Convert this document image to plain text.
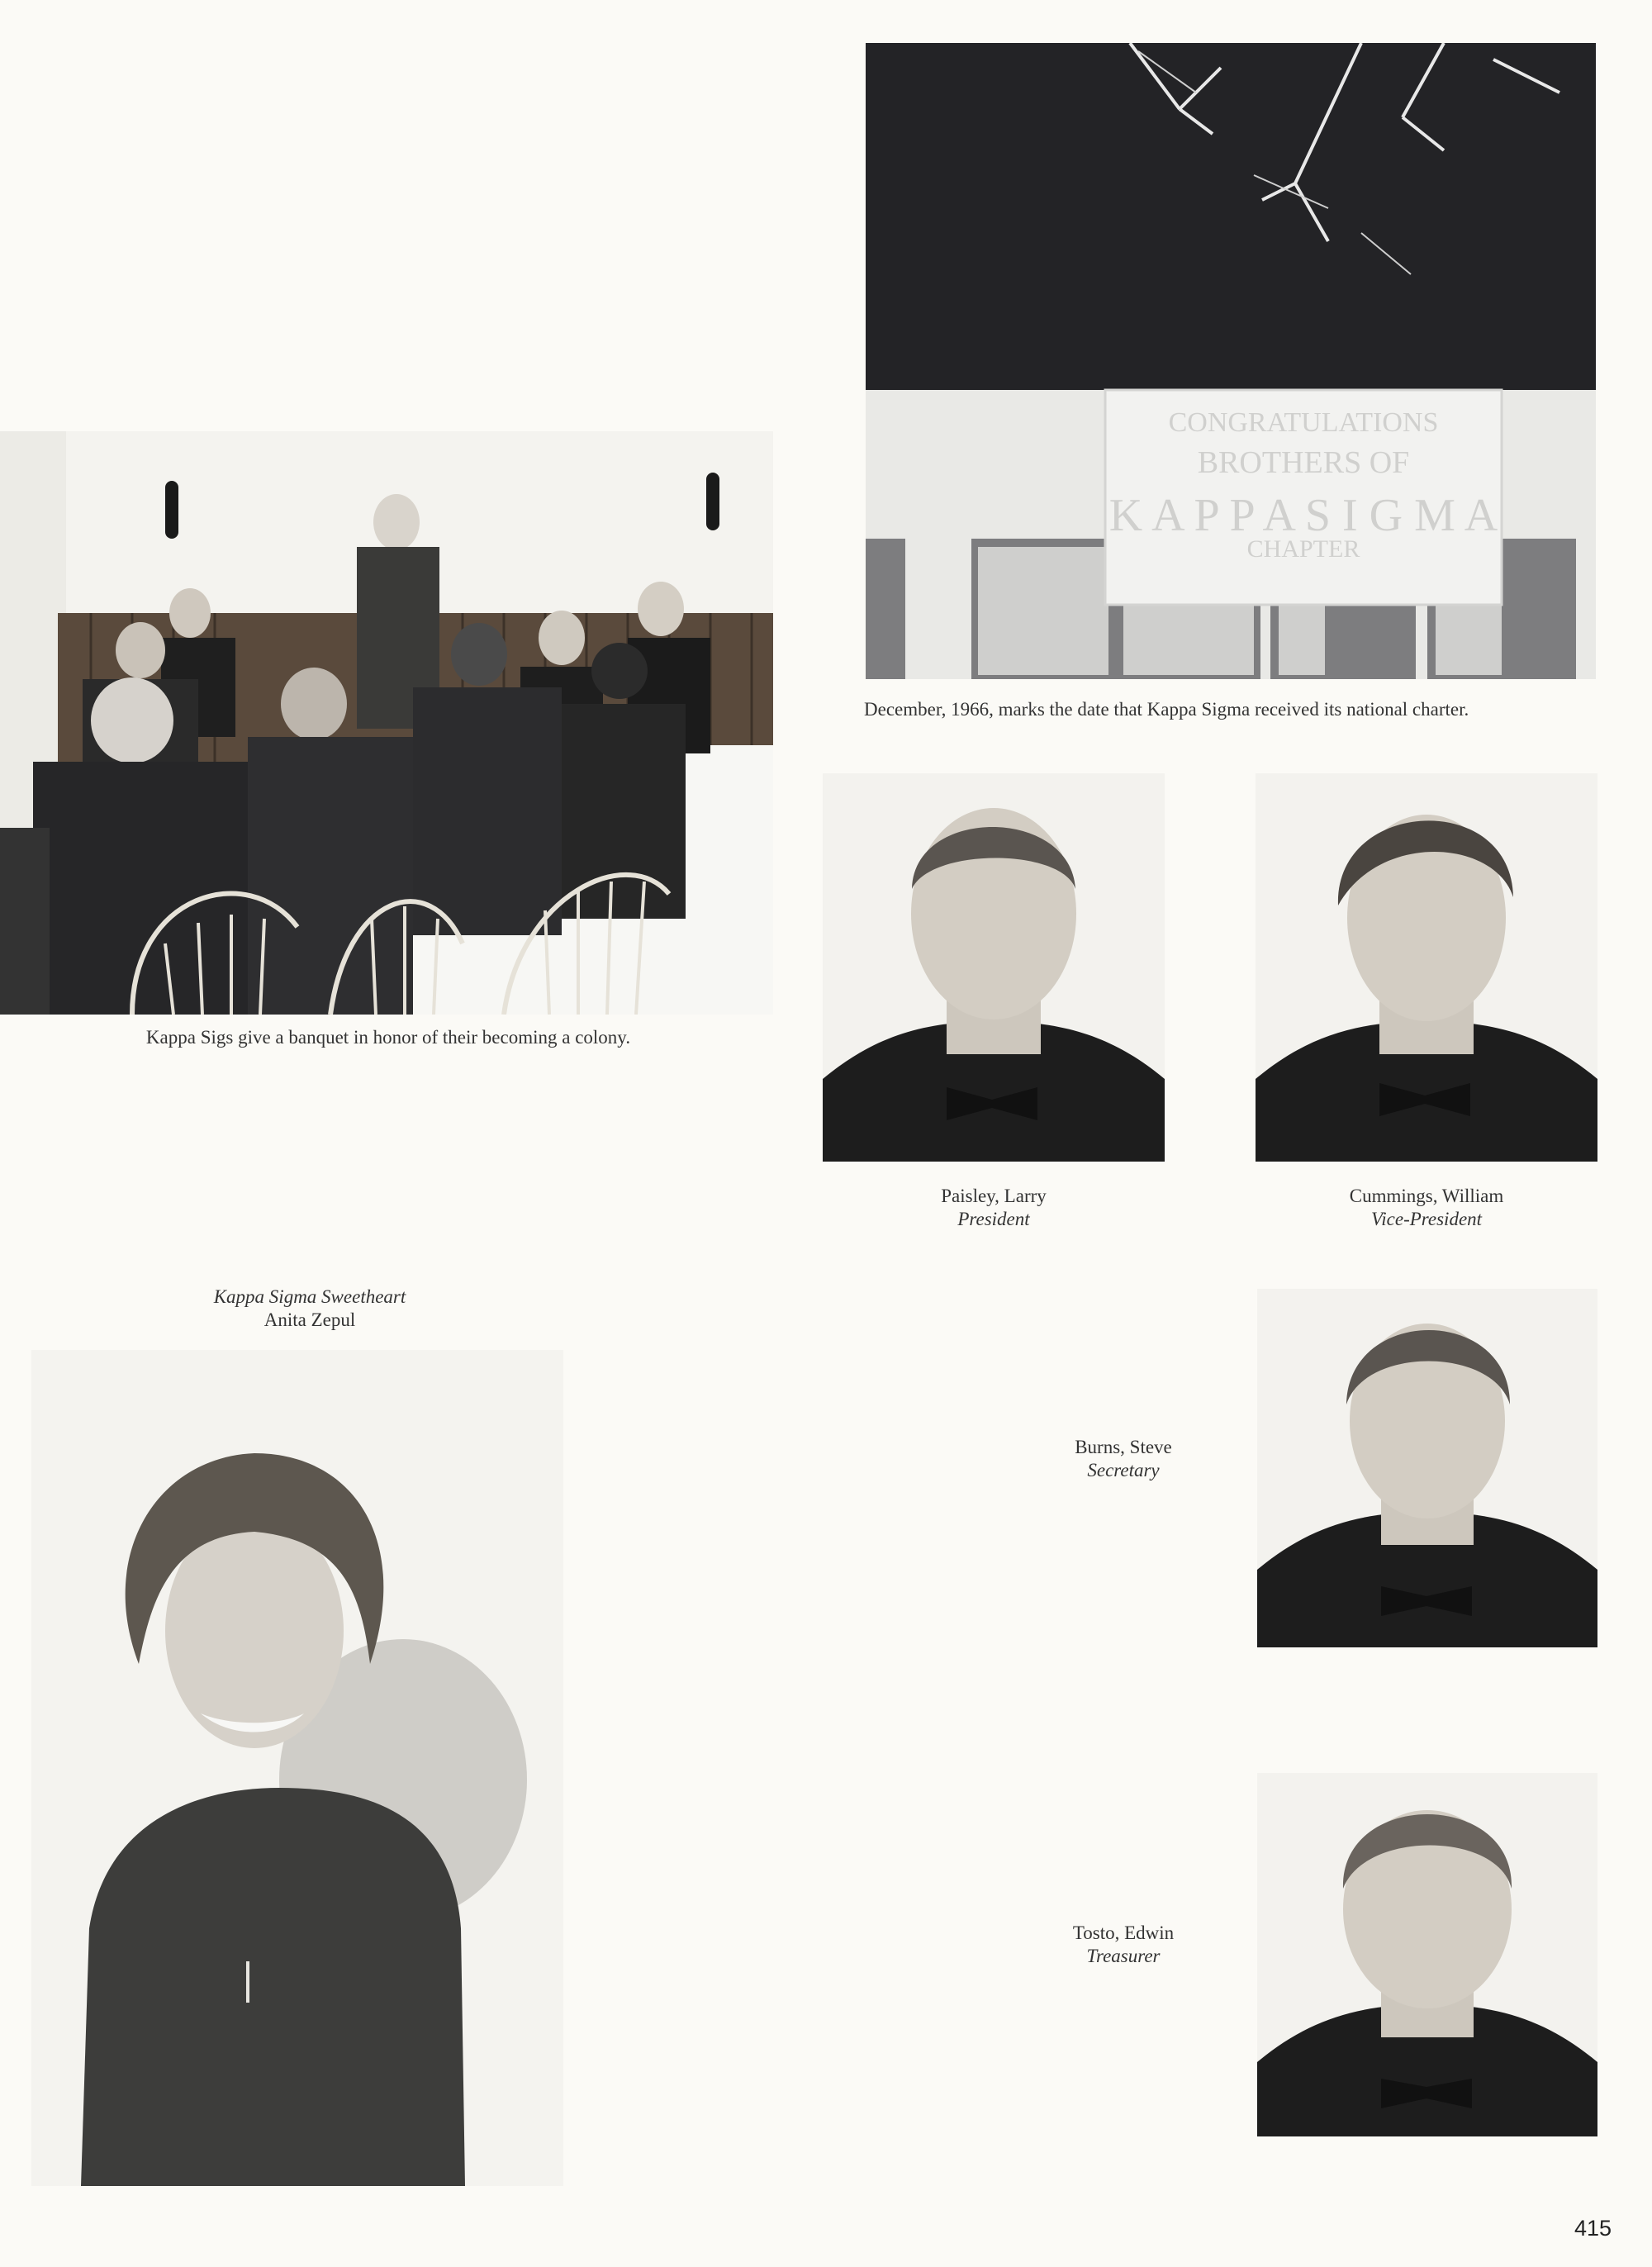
CONGRATULATIONS
BROTHERS OF
K A P P A S I G M A
CHAPTER
December, 1966, marks the date that Kappa Sigma received its national charter.
Kappa Sigs give a banquet in honor of their becoming a colony.
Paisley, Larry
President
Cummings, William
Vice-President
Burns, Steve
Secretary
Tosto, Edwin
Treasurer
Kappa Sigma Sweetheart
Anita Zepul
415
